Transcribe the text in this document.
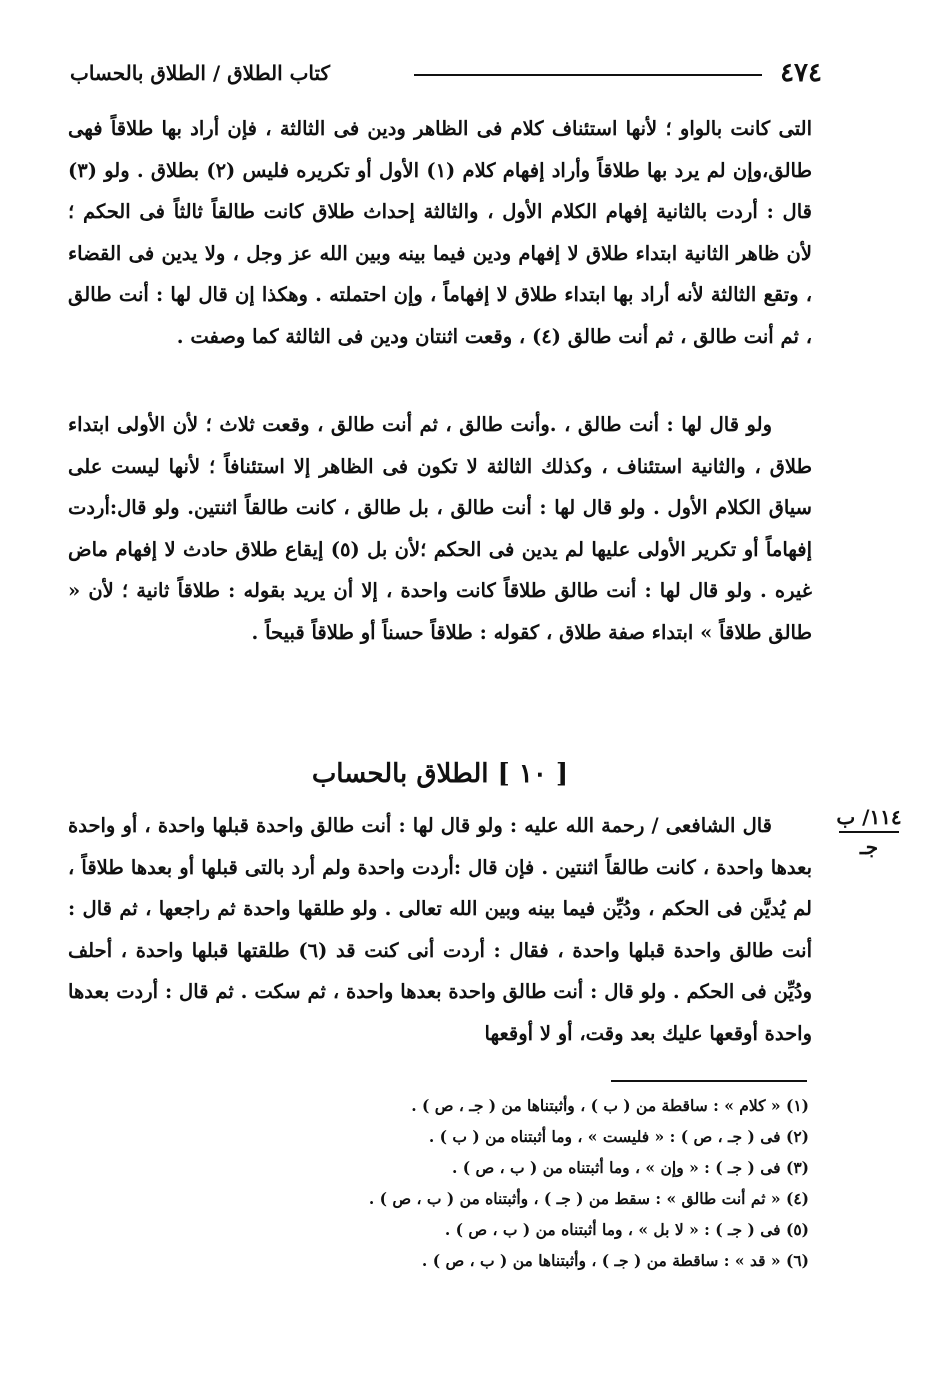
٤٧٤
كتاب الطلاق / الطلاق بالحساب

التى كانت بالواو ؛ لأنها استئناف كلام فى الظاهر ودين فى الثالثة ، فإن أراد بها طلاقاً فهى طالق،وإن لم يرد بها طلاقاً وأراد إفهام كلام (١) الأول أو تكريره فليس (٢) بطلاق . ولو (٣) قال : أردت بالثانية إفهام الكلام الأول ، والثالثة إحداث طلاق كانت طالقاً ثالثاً فى الحكم ؛ لأن ظاهر الثانية ابتداء طلاق لا إفهام ودين فيما بينه وبين الله عز وجل ، ولا يدين فى القضاء ، وتقع الثالثة لأنه أراد بها ابتداء طلاق لا إفهاماً ، وإن احتملته . وهكذا إن قال لها : أنت طالق ، ثم أنت طالق ، ثم أنت طالق (٤) ، وقعت اثنتان ودين فى الثالثة كما وصفت .

ولو قال لها : أنت طالق ، .وأنت طالق ، ثم أنت طالق ، وقعت ثلاث ؛ لأن الأولى ابتداء طلاق ، والثانية استئناف ، وكذلك الثالثة لا تكون فى الظاهر إلا استئنافاً ؛ لأنها ليست على سياق الكلام الأول . ولو قال لها : أنت طالق ، بل طالق ، كانت طالقاً اثنتين. ولو قال:أردت إفهاماً أو تكرير الأولى عليها لم يدين فى الحكم ؛لأن بل (٥) إيقاع طلاق حادث لا إفهام ماض غيره . ولو قال لها : أنت طالق طلاقاً كانت واحدة ، إلا أن يريد بقوله : طلاقاً ثانية ؛ لأن « طالق طلاقاً » ابتداء صفة طلاق ، كقوله : طلاقاً حسناً أو طلاقاً قبيحاً .

[ ١٠ ] الطلاق بالحساب
١١٤/ ب
جـ

قال الشافعى / رحمة الله عليه : ولو قال لها : أنت طالق واحدة قبلها واحدة ، أو واحدة بعدها واحدة ، كانت طالقاً اثنتين . فإن قال :أردت واحدة ولم أرد بالتى قبلها أو بعدها طلاقاً ، لم يُديَّن فى الحكم ، ودُيِّن فيما بينه وبين الله تعالى . ولو طلقها واحدة ثم راجعها ، ثم قال : أنت طالق واحدة قبلها واحدة ، فقال : أردت أنى كنت قد (٦) طلقتها قبلها واحدة ، أحلف ودُيِّن فى الحكم . ولو قال : أنت طالق واحدة بعدها واحدة ، ثم سكت . ثم قال : أردت بعدها واحدة أوقعها عليك بعد وقت، أو لا أوقعها

(١) « كلام » : ساقطة من ( ب ) ، وأثبتناها من ( جـ ، ص ) .
(٢) فى ( جـ ، ص ) : « فليست » ، وما أثبتناه من ( ب ) .
(٣) فى ( جـ ) : « وإن » ، وما أثبتناه من ( ب ، ص ) .
(٤) « ثم أنت طالق » : سقط من ( جـ ) ، وأثبتناه من ( ب ، ص ) .
(٥) فى ( جـ ) : « لا بل » ، وما أثبتناه من ( ب ، ص ) .
(٦) « قد » : ساقطة من ( جـ ) ، وأثبتناها من ( ب ، ص ) .
